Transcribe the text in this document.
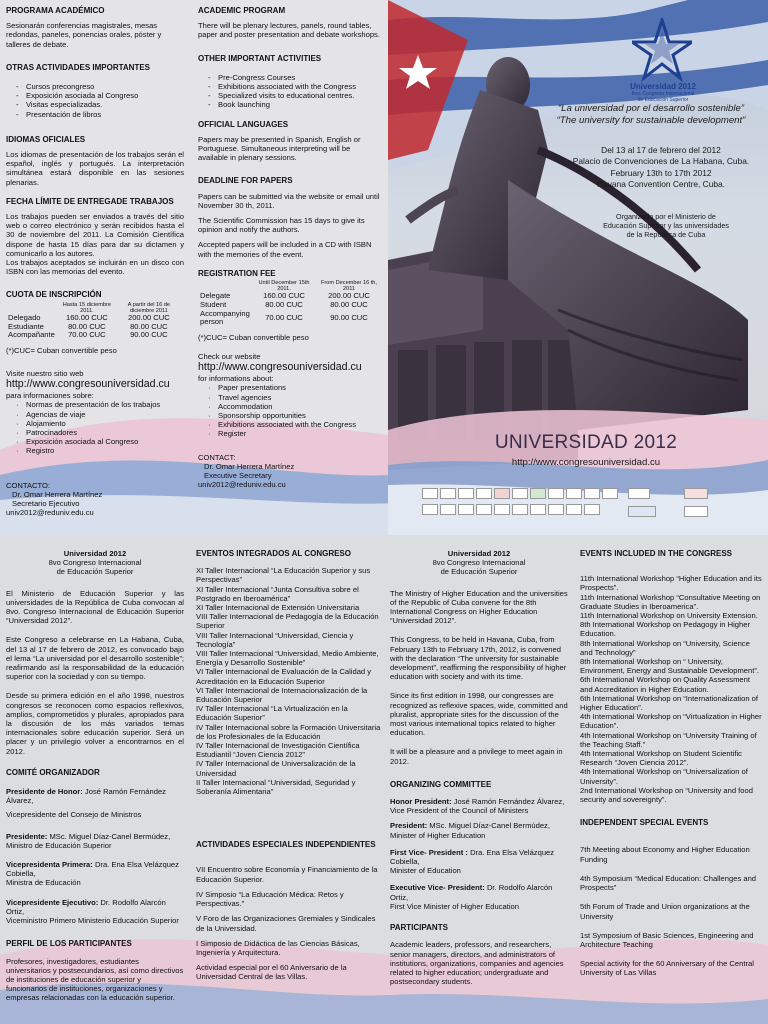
PROGRAMA ACADÉMICO

Sesionarán conferencias magistrales, mesas redondas, paneles, ponencias orales, póster y talleres de debate.

OTRAS ACTIVIDADES IMPORTANTES
- Cursos precongreso
- Exposición asociada al Congreso
- Visitas especializadas.
- Presentación de libros
IDIOMAS OFICIALES

Los idiomas de presentación de los trabajos serán el español, inglés y portugués. La interpretación simultánea estará disponible en las sesiones plenarias.

FECHA LÍMITE DE ENTREGADE TRABAJOS

Los trabajos pueden ser enviados a través del sitio web o correo electrónico y serán recibidos hasta el 30 de noviembre del 2011. La Comisión Científica dispone de hasta 15 días para dar su dictamen y comunicarlo a los autores.

Los trabajos aceptados se incluirán en un disco con ISBN con las memorias del evento.

CUOTA DE INSCRIPCIÓN
	Hasta 15 diciembre 2011.	A partir del 16 de diciembre 2011
Delegado	160.00 CUC	200.00 CUC
Estudiante	80.00 CUC	80.00 CUC
Acompañante	70.00 CUC	90.00 CUC

(*)CUC= Cuban convertible peso

Visite nuestro sitio web

http://www.congresouniversidad.cu

para informaciones sobre:

· Normas de presentación de los trabajos
· Agencias de viaje
· Alojamiento
· Patrocinadores
· Exposición asociada al Congreso
· Registro

CONTACTO:

Dr. Omar Herrera Martínez

Secretario Ejecutivo

univ2012@reduniv.edu.cu

ACADEMIC PROGRAM

There will be plenary lectures, panels, round tables, paper and poster presentation and debate workshops.

OTHER IMPORTANT ACTIVITIES
- Pre-Congress Courses
- Exhibitions associated with the Congress
- Specialized visits to educational centres.
- Book launching
OFFICIAL LANGUAGES

Papers may be presented in Spanish, English or Portuguese. Simultaneous interpreting will be available in plenary sessions.

DEADLINE FOR PAPERS

Papers can be submitted via the website or email until November 30 th, 2011.

The Scientific Commission has 15 days to give its opinion and notify the authors.

Accepted papers will be included in a CD with ISBN with the memories of the event.

REGISTRATION FEE
	Until December 15th 2011.	From December 16 th, 2011
Delegate	160.00 CUC	200.00 CUC
Student	80.00 CUC	80.00 CUC
Accompanying person	70.00 CUC	90.00 CUC

(*)CUC= Cuban convertible peso

Check our website

http://www.congresouniversidad.cu

for informations about:

· Paper presentations
· Travel agencies
· Accommodation
· Sponsorship opportunities
· Exhibitions associated with the Congress
· Register

CONTACT:

Dr. Omar Herrera Martínez

Executive Secretary

univ2012@reduniv.edu.cu

Universidad 2012
8vo. Congreso Internacional
de Educación Superior
“La universidad por el desarrollo sostenible”
“The university for sustainable development”
Del 13 al 17 de febrero del 2012
Palacio de Convenciones de La Habana, Cuba.
February 13th to 17th 2012
Havana Convention Centre, Cuba.
Organizado por el Ministerio de
Educación Superior y las universidades
de la República de Cuba
UNIVERSIDAD 2012
http://www.congresouniversidad.cu
Universidad 2012
8vo Congreso Internacional
de Educación Superior

El Ministerio de Educación Superior y las universidades de la República de Cuba convocan al 8vo. Congreso Internacional de Educación Superior “Universidad 2012”.

Este Congreso a celebrarse en La Habana, Cuba, del 13 al 17 de febrero de 2012, es convocado bajo el lema “La universidad por el desarrollo sostenible”; reafirmando así la responsabilidad de la educación superior con la sociedad y con su tiempo.

Desde su primera edición en el año 1998, nuestros congresos se reconocen como espacios reflexivos, amplios, comprometidos y plurales, apropiados para la discusión de los más variados temas internacionales sobre educación superior. Será un placer y un privilegio volver a encontrarnos en el 2012.

COMITÉ ORGANIZADOR

Presidente de Honor: José Ramón Fernández Álvarez,

Vicepresidente del Consejo de Ministros

Presidente: MSc. Miguel Díaz-Canel Bermúdez,

Ministro de Educación Superior

Vicepresidenta Primera: Dra. Ena Elsa Velázquez Cobiella,

Ministra de Educación

Vicepresidente Ejecutivo: Dr. Rodolfo Alarcón Ortiz,

Viceministro Primero Ministerio Educación Superior

PERFIL DE LOS PARTICIPANTES

Profesores, investigadores, estudiantes universitarios y postsecundarios, así como directivos de instituciones de educación superior y funcionarios de instituciones, organizaciones y empresas relacionadas con la educación superior.

EVENTOS INTEGRADOS AL CONGRESO

XI Taller Internacional “La Educación Superior y sus Perspectivas”

XI Taller Internacional “Junta Consultiva sobre el Postgrado en Iberoamérica”

XI Taller Internacional de Extensión Universitaria

VIII Taller Internacional de Pedagogía de la Educación Superior

VIII Taller Internacional “Universidad, Ciencia y Tecnología”

VIII Taller Internacional “Universidad, Medio Ambiente, Energía y Desarrollo Sostenible”

VI Taller Internacional de Evaluación de la Calidad y Acreditación en la Educación Superior

VI Taller Internacional de Internacionalización de la Educación Superior

IV Taller Internacional “La Virtualización en la Educación Superior”

IV Taller Internacional sobre la Formación Universitaria de los Profesionales de la Educación

IV Taller Internacional de Investigación Científica Estudiantil “Joven Ciencia 2012”

IV Taller Internacional de Universalización de la Universidad

II Taller Internacional “Universidad, Seguridad y Soberanía Alimentaria”

ACTIVIDADES ESPECIALES INDEPENDIENTES

VII Encuentro sobre Economía y Financiamiento de la Educación Superior.

IV Simposio “La Educación Médica: Retos y Perspectivas.”

V Foro de las Organizaciones Gremiales y Sindicales de la Universidad.

I Simposio de Didáctica de las Ciencias Básicas, Ingeniería y Arquitectura.

Actividad especial por el 60 Aniversario de la Universidad Central de las Villas.

Universidad 2012
8vo Congreso Internacional
de Educación Superior

The Ministry of Higher Education and the universities of the Republic of Cuba convene for the 8th International Congress on Higher Education “Universidad 2012”.

This Congress, to be held in Havana, Cuba, from February 13th to February 17th, 2012, is convened with the declaration “The university for sustainable development”, reaffirming the responsibility of higher education with society and with its time.

Since its first edition in 1998, our congresses are recognized as reflexive spaces, wide, committed and pluralist, appropriate sites for the discussion of the most various international topics related to higher education.

It will be a pleasure and a privilege to meet again in 2012.

ORGANIZING COMMITTEE

Honor President: José Ramón Fernández Álvarez,

Vice President of the Council of Ministers

President: MSc. Miguel Díaz-Canel Bermúdez,

Minister of Higher Education

First Vice- President : Dra. Ena Elsa Velázquez Cobiella,

Minister of Education

Executive Vice- President: Dr. Rodolfo Alarcón Ortiz,

First Vice Minister of Higher Education

PARTICIPANTS

Academic leaders, professors, and researchers, senior managers, directors, and administrators of institutions, organizations, companies and agencies related to higher education; undergraduate and postsecondary students.

EVENTS INCLUDED IN THE CONGRESS

11th International Workshop “Higher Education and its Prospects”.

11th International Workshop “Consultative Meeting on Graduate Studies in Iberoamerica”.

11th International Workshop on University Extension.

8th International Workshop on Pedagogy in Higher Education.

8th International Workshop on “University, Science and Technology”

8th International Workshop on “ University, Environment, Energy and Sustainable Development”.

6th International Workshop on Quality Assessment and Accreditation in Higher Education.

6th International Workshop on “Internationalization of Higher Education”.

4th International Workshop on “Virtualization in Higher Education”.

4th International Workshop on “University Training of the Teaching Staff.”

4th International Workshop on Student Scientific Research “Joven Ciencia 2012”.

4th International Workshop on “Universalization of University”.

2nd International Workshop on “University and food security and sovereignty”.

INDEPENDENT SPECIAL EVENTS

7th Meeting about Economy and Higher Education Funding

4th Symposium “Medical Education: Challenges and Prospects”

5th Forum of Trade and Union organizations at the University

1st Symposium of Basic Sciences, Engineering and Architecture Teaching

Special activity for the 60 Anniversary of the Central University of Las Villas
